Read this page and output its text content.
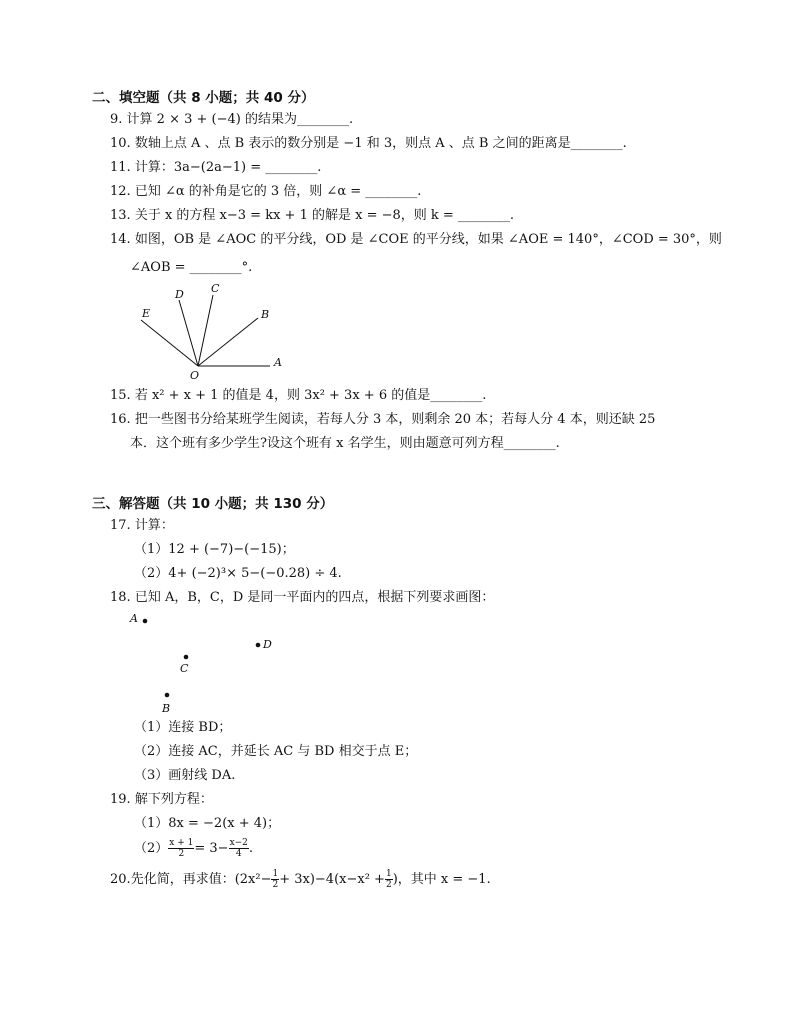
二、填空题（共 8 小题；共 40 分）
9. 计算 2 × 3 + (−4) 的结果为________.
10. 数轴上点 A 、点 B 表示的数分别是 −1 和 3，则点 A 、点 B 之间的距离是________.
11. 计算：3a−(2a−1) = ________.
12. 已知 ∠α 的补角是它的 3 倍，则 ∠α = ________.
13. 关于 x 的方程 x−3 = kx + 1 的解是 x = −8，则 k = ________.
14. 如图，OB 是 ∠AOC 的平分线，OD 是 ∠COE 的平分线，如果 ∠AOE = 140°，∠COD = 30°，则
∠AOB = ________°.
E
D C
B
A
O
15. 若 x² + x + 1 的值是 4，则 3x² + 3x + 6 的值是________.
16. 把一些图书分给某班学生阅读，若每人分 3 本，则剩余 20 本；若每人分 4 本，则还缺 25
本．这个班有多少学生?设这个班有 x 名学生，则由题意可列方程________.
三、解答题（共 10 小题；共 130 分）
17. 计算：
（1）12 + (−7)−(−15)；
（2）4+ (−2)³× 5−(−0.28) ÷ 4.
18. 已知 A，B，C，D 是同一平面内的四点，根据下列要求画图：
A
D
C
B
（1）连接 BD；
（2）连接 AC，并延长 AC 与 BD 相交于点 E；
（3）画射线 DA.
19. 解下列方程：
（1）8x = −2(x + 4)；
$(2) \frac{x + 1}{2} = 3- \frac{x-2}{4}$ .
20.先化简，再求值：$(2x^2- \frac{1}{2} + 3x)-4(x-x^2 + \frac{1}{2}$ )，其中 x = −1.
